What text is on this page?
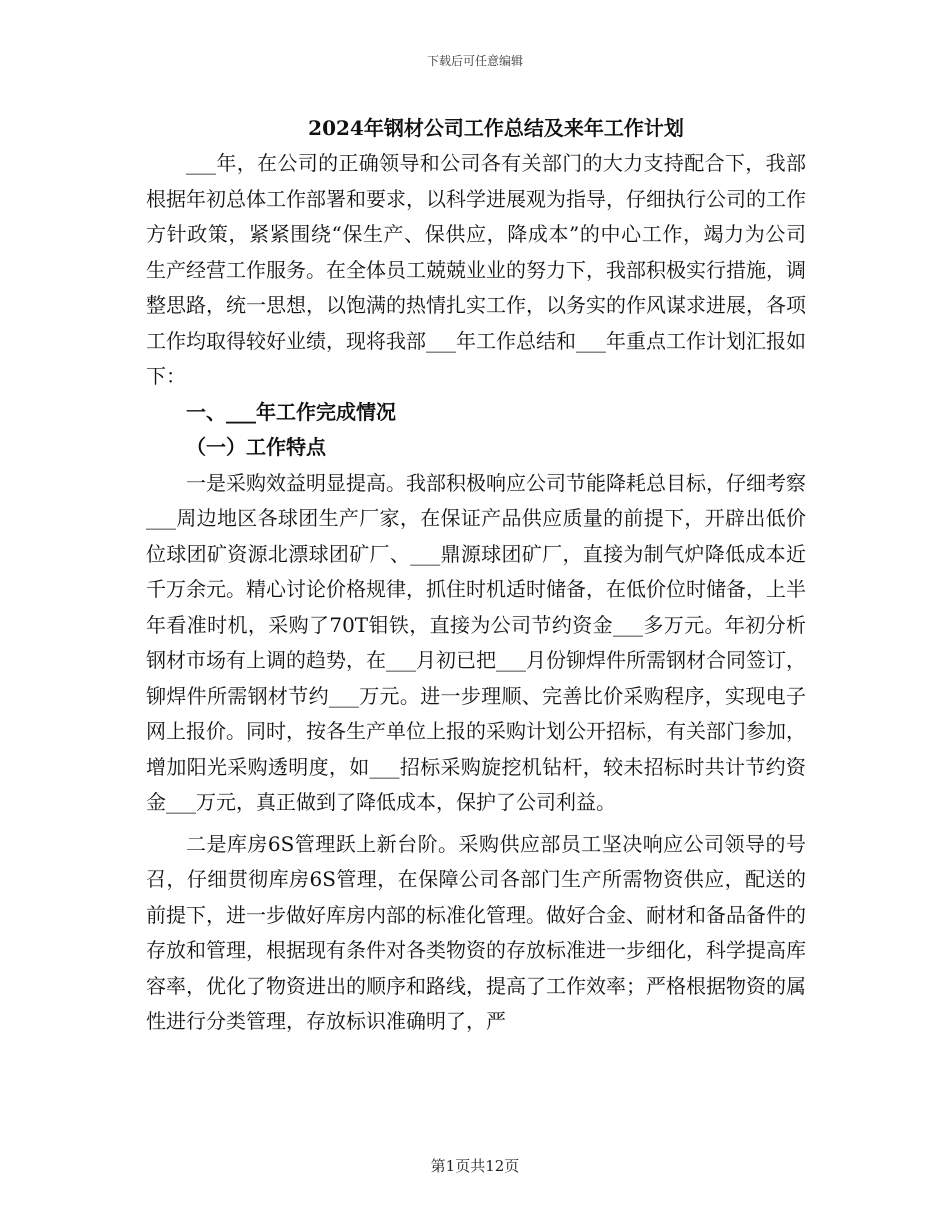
下载后可任意编辑
2024年钢材公司工作总结及来年工作计划

___年，在公司的正确领导和公司各有关部门的大力支持配合下，我部根据年初总体工作部署和要求，以科学进展观为指导，仔细执行公司的工作方针政策，紧紧围绕“保生产、保供应，降成本”的中心工作，竭力为公司生产经营工作服务。在全体员工兢兢业业的努力下，我部积极实行措施，调整思路，统一思想，以饱满的热情扎实工作，以务实的作风谋求进展，各项工作均取得较好业绩，现将我部___年工作总结和___年重点工作计划汇报如下：

一、___年工作完成情况

（一）工作特点

一是采购效益明显提高。我部积极响应公司节能降耗总目标，仔细考察___周边地区各球团生产厂家，在保证产品供应质量的前提下，开辟出低价位球团矿资源北漂球团矿厂、___鼎源球团矿厂，直接为制气炉降低成本近千万余元。精心讨论价格规律，抓住时机适时储备，在低价位时储备，上半年看准时机，采购了70T钼铁，直接为公司节约资金___多万元。年初分析钢材市场有上调的趋势，在___月初已把___月份铆焊件所需钢材合同签订，铆焊件所需钢材节约___万元。进一步理顺、完善比价采购程序，实现电子网上报价。同时，按各生产单位上报的采购计划公开招标，有关部门参加，增加阳光采购透明度，如___招标采购旋挖机钻杆，较未招标时共计节约资金___万元，真正做到了降低成本，保护了公司利益。

二是库房6S管理跃上新台阶。采购供应部员工坚决响应公司领导的号召，仔细贯彻库房6S管理，在保障公司各部门生产所需物资供应，配送的前提下，进一步做好库房内部的标准化管理。做好合金、耐材和备品备件的存放和管理，根据现有条件对各类物资的存放标准进一步细化，科学提高库容率，优化了物资进出的顺序和路线，提高了工作效率；严格根据物资的属性进行分类管理，存放标识准确明了，严

第1页共12页
